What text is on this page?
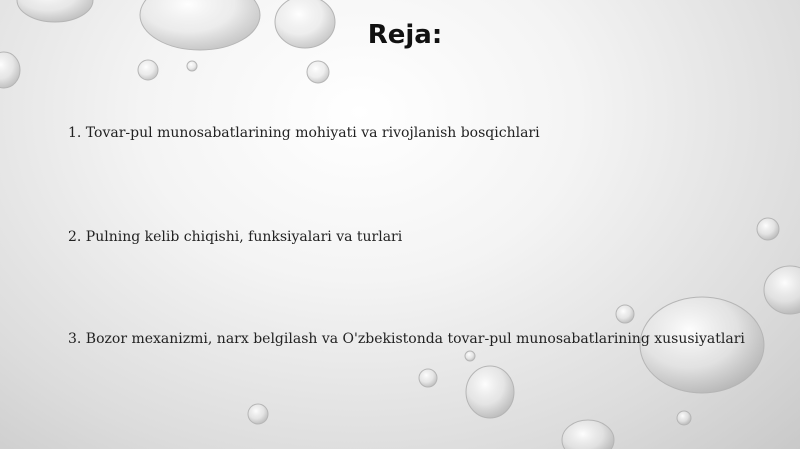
Reja:
1. Tovar-pul munosabatlarining mohiyati va rivojlanish bosqichlari
2. Pulning kelib chiqishi, funksiyalari va turlari
3. Bozor mexanizmi, narx belgilash va O'zbekistonda tovar-pul munosabatlarining xususiyatlari
